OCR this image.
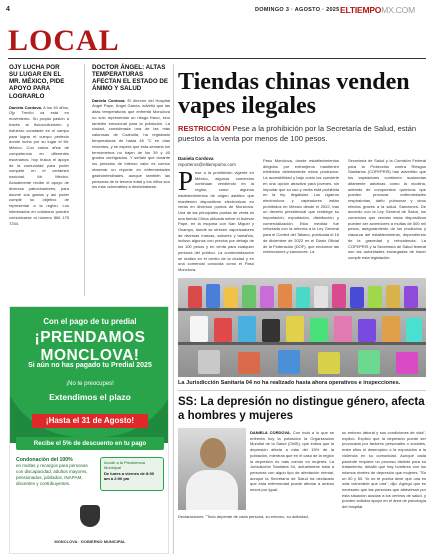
4	DOMINGO 3 · AGOSTO · 2025 ELTIEMPOMX.COM
LOCAL
OJY LUCHA POR SU LUGAR EN EL MR. MÉXICO, PIDE APOYO PARA LOGRARLO
Daniela Cordova. A los 40 años, Ojy Trevño va está en movimiento. Su propia pasión a través al fisicoculturismo y esfuerzo constante en el campo para lograr el cuerpo perfecto donde lucha por su lugar el Mr. México. Con varios años de competencia en diferentes escenarios, hoy busca el apoyo de la comunidad para poder competir en el certamen nacional. Mr. México. Actualmente recibe el apoyo de diversos patrocinadores, para asumir sus gastos y así poder cumplir su objetivo de representar a la región. Los interesados en colaborar pueden comunicarse al número 866 175 7254.
DOCTOR ÁNGEL: ALTAS TEMPERATURAS AFECTAN EL ESTADO DE ÁNIMO Y SALUD
Daniela Cordova. El director del Hospital Ángel Pape, Ángel García, advirtió que las altas temperaturas que enfrenta Monclova no solo representan un riesgo físico, sino también emocional para la población. La ciudad, considerada una de las más calurosas de Coahuila, ha registrado temperaturas de hasta 46 °C en días recientes, y se espera que esta semana los termómetros no bajen de los 39 y 40 grados centígrados. Y señaló que durante los periodos de intenso calor es común observar un repunte en enfermedades gastrointestinales, aunque también las personas de la tercera edad y los niños son los más vulnerables a deshidratarse.
Tiendas chinas venden vapes ilegales
RESTRICCIÓN Pese a la prohibición por la Secretaría de Salud, están puestos a la venta por menos de 100 pesos.
Daniela Cordova
reporteros@eltiempomx.com
Pese a la prohibición vigente en México, algunos comercios continúan vendiendo en la región, como algunos establecimientos de origen asiático que mantienen dispositivos electrónicos en venta en diversos puntos de Monclova. Una de las principales puntas de venta es una tienda China ubicada sobre el bulevar Pape, en la esquina con San Miguel y Ocampo, donde se ofrecen vaporizadores de diversas marcas, sabores y tamaños, incluso algunos con precios por debajo de los 100 pesos y en venta para cualquier persona del público. La comercialización se realiza en el centro de la ciudad y en una comercial conocida como el Paso Monclova.
Paso Monclova, donde establecimientos dirigidos por extranjeros mantienen exhibidos abiertamente estos productos. La accesibilidad y bajo costo los convierte en una opción atractiva para jóvenes, sin importar que su uso y venta está prohibida en la ley. Ilegalidad. Los cigarros electrónicos y vapeadores están prohibidos en México desde el 2022, tras un decreto presidencial que restringe su importación, exportación, distribución y comercialización. Esta medida fue reforzada con la reforma a la Ley General para el Control del Tabaco, publicada el 16 de diciembre de 2022 en el Diario Oficial de la Federación (DOF), que endurece las restricciones y sanciones. La
Secretaría de Salud y la Comisión Federal para la Protección contra Riesgos Sanitarios (COFEPRIS) han advertido que los vapeadores contienen sustancias altamente adictivas como la nicotina, además de compuestos químicos que pueden provocar enfermedades respiratorias, daño pulmonar y otros efectos graves a la salud. Sanciones. De acuerdo con la Ley General de Salud, los comercios que vendan estos dispositivos pueden ser acreedores a multas de 500 mil pesos, aseguramiento de los productos y clausura del establecimiento, dependiendo de la gravedad y reincidencia. La COFEPRIS y la Secretaría de Salud federal son las autoridades encargadas de hacer cumplir esta legislación.
La Jurisdicción Sanitaria 04 no ha realizado hasta ahora operativos e inspecciones.
SS: La depresión no distingue género, afecta a hombres y mujeres
DANIELA CORDOVA. Con todo a lo que se enfrenta hoy la población la Organización Mundial de la Salud (OMS), que indica que la depresión afecta a más del 15% de la población, mientras que en el caso de la región la depresión es más común en mujeres. La Jurisdicción Sanitaria 04, actualmente trata a personas con algún tipo de afectación mental, aunque la Secretaría de Salud ha declarado que esta enfermedad puede afectar a ambos sexos por igual.
Declaraciones. "Todo depende de cada persona, su entorno, su actividad,
su entorno laboral y sus condiciones de vida", explicó. Explicó que la depresión puede ser provocada por factores personales o sociales, entre ellos el desempleo o la exposición a la violencia en su comunidad. Aunque cada paciente requiere un proceso distinto para su tratamiento, detalló que hay hombres con los mismos niveles de depresión que mujeres. "Es un 50 y 50. Yo no te podría decir que una es más vulnerable que otra", dijo. Agregó que es necesario que las personas que atraviesan por esta situación acudan a los centros de salud, y pueden solicitar apoyo en el área de psicología del hospital.
Con el pago de tu predial
¡PRENDAMOS MONCLOVA!
Si aún no has pagado tu Predial 2025
¡No te preocupes!
Extendimos el plazo
¡Hasta el 31 de Agosto!
Recibe el 5% de descuento en tu pago
Condonación del 100%
en multas y recargos para personas con discapacidad, adultos mayores, pensionados, jubilados, INAPAM, discentes y contribuyentes.
Acude a la Presidencia Municipal
De lunes a viernes de 8:00 am a 2:00 pm
MONCLOVA · GOBIERNO MUNICIPAL
